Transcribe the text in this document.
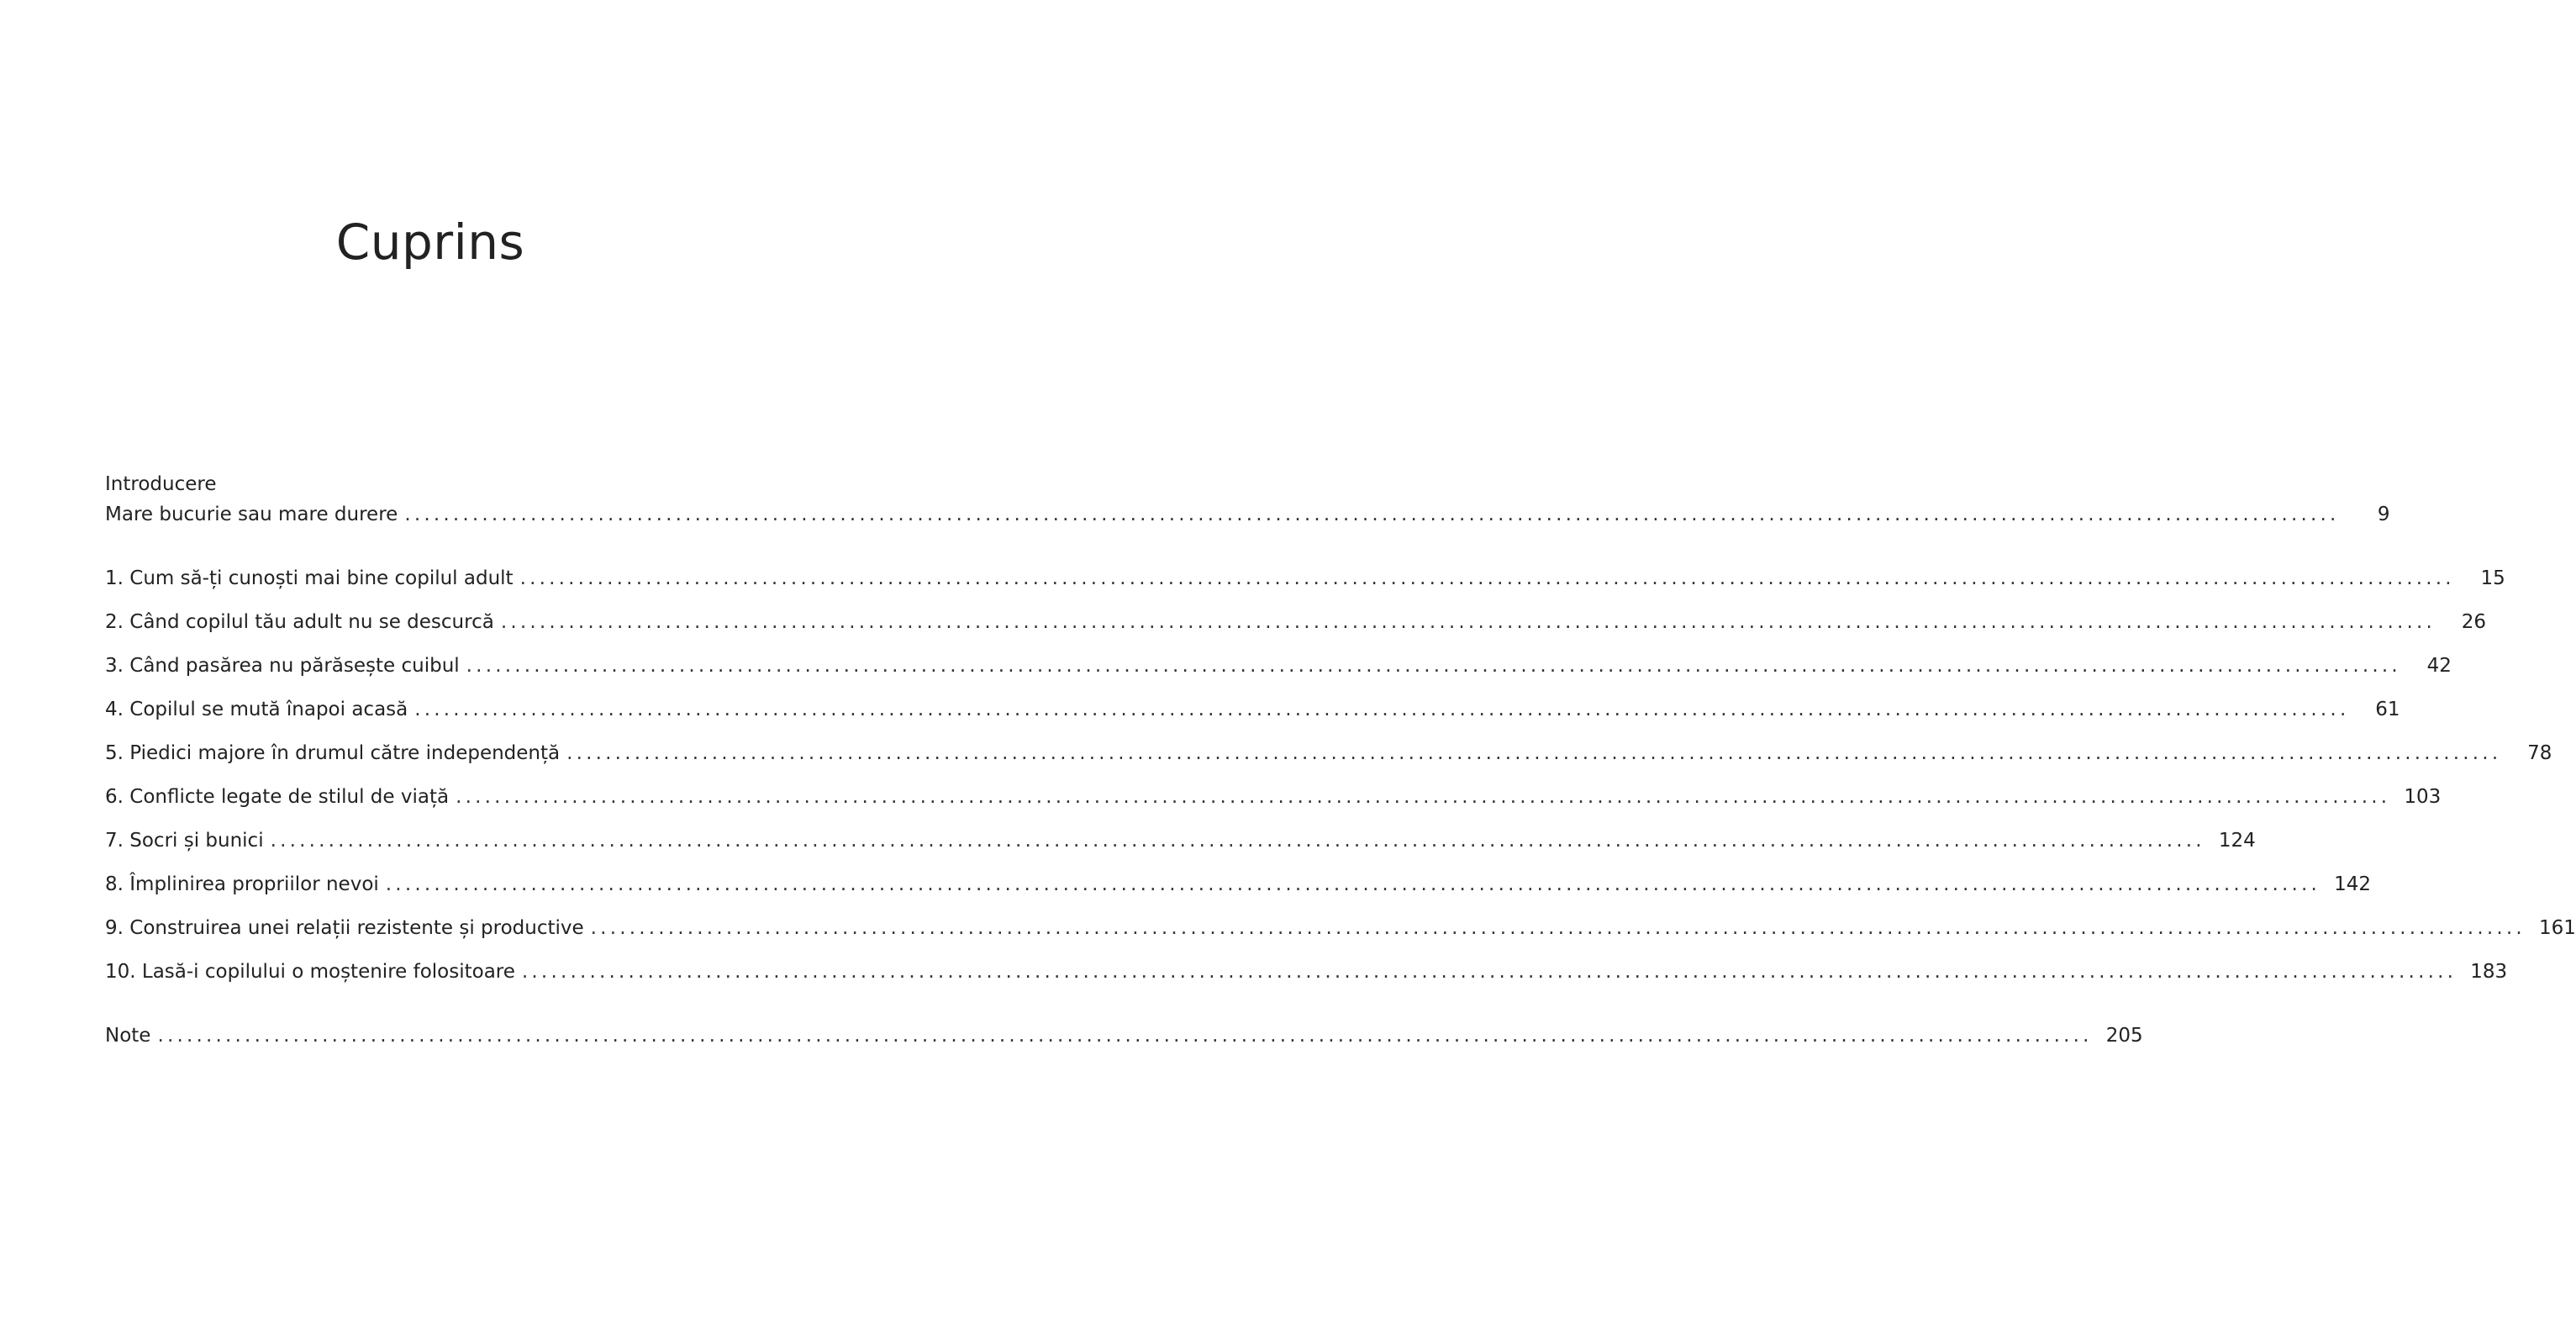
Cuprins
Introducere
Mare bucurie sau mare durere ........................................................................................................................................................................................................	9
1. Cum să-ți cunoști mai bine copilul adult ........................................................................................................................................................................................................	15
2. Când copilul tău adult nu se descurcă ........................................................................................................................................................................................................	26
3. Când pasărea nu părăsește cuibul ........................................................................................................................................................................................................	42
4. Copilul se mută înapoi acasă ........................................................................................................................................................................................................	61
5. Piedici majore în drumul către independență ........................................................................................................................................................................................................	78
6. Conflicte legate de stilul de viață ........................................................................................................................................................................................................ 103
7. Socri și bunici ........................................................................................................................................................................................................ 124
8. Împlinirea propriilor nevoi ........................................................................................................................................................................................................ 142
9. Construirea unei relații rezistente și productive ........................................................................................................................................................................................................ 161
10. Lasă-i copilului o moștenire folositoare ........................................................................................................................................................................................................ 183
Note ........................................................................................................................................................................................................ 205
